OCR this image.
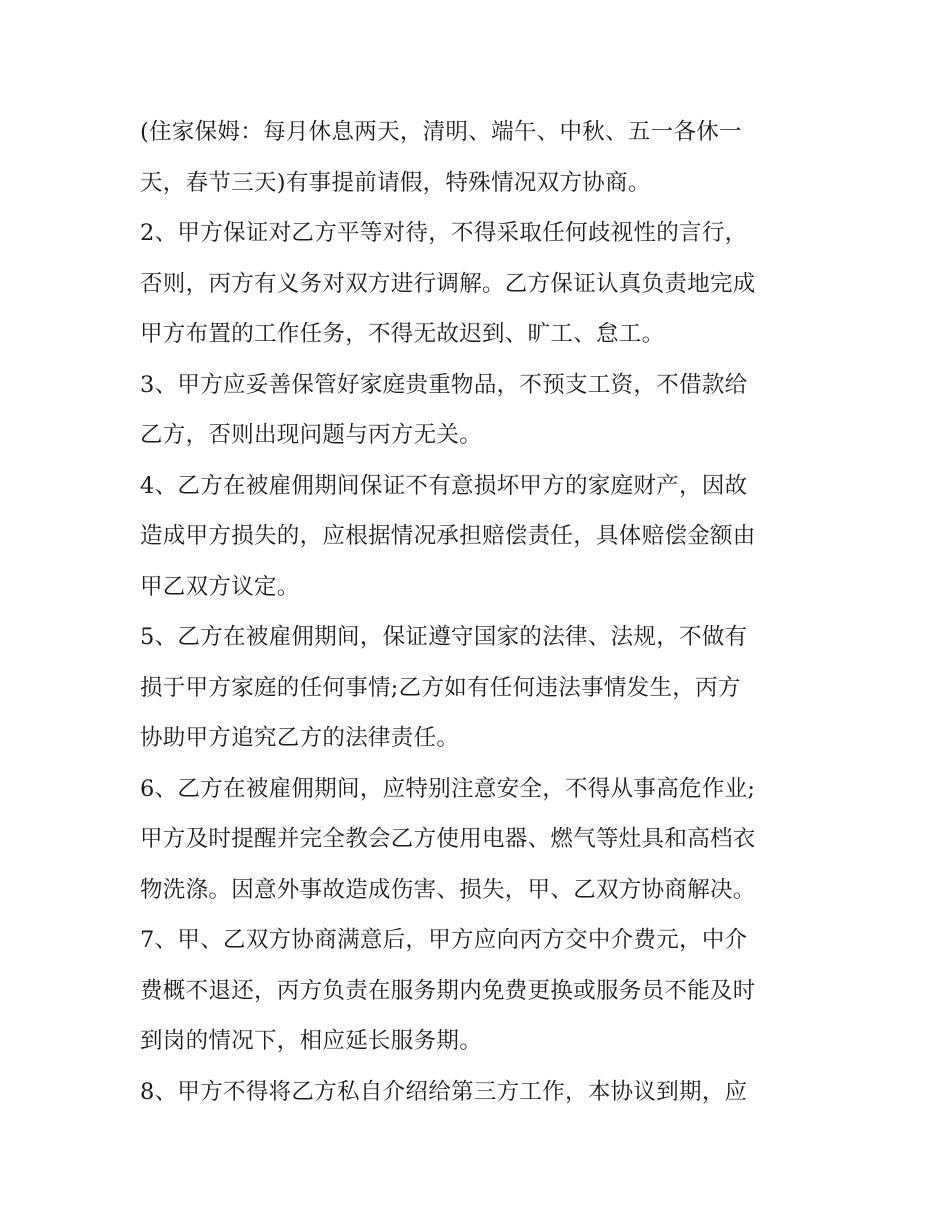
(住家保姆：每月休息两天，清明、端午、中秋、五一各休一
天，春节三天)有事提前请假，特殊情况双方协商。
2、甲方保证对乙方平等对待，不得采取任何歧视性的言行，
否则，丙方有义务对双方进行调解。乙方保证认真负责地完成
甲方布置的工作任务，不得无故迟到、旷工、怠工。
3、甲方应妥善保管好家庭贵重物品，不预支工资，不借款给
乙方，否则出现问题与丙方无关。
4、乙方在被雇佣期间保证不有意损坏甲方的家庭财产，因故
造成甲方损失的，应根据情况承担赔偿责任，具体赔偿金额由
甲乙双方议定。
5、乙方在被雇佣期间，保证遵守国家的法律、法规，不做有
损于甲方家庭的任何事情;乙方如有任何违法事情发生，丙方
协助甲方追究乙方的法律责任。
6、乙方在被雇佣期间，应特别注意安全，不得从事高危作业;
甲方及时提醒并完全教会乙方使用电器、燃气等灶具和高档衣
物洗涤。因意外事故造成伤害、损失，甲、乙双方协商解决。
7、甲、乙双方协商满意后，甲方应向丙方交中介费元，中介
费概不退还，丙方负责在服务期内免费更换或服务员不能及时
到岗的情况下，相应延长服务期。
8、甲方不得将乙方私自介绍给第三方工作，本协议到期，应
